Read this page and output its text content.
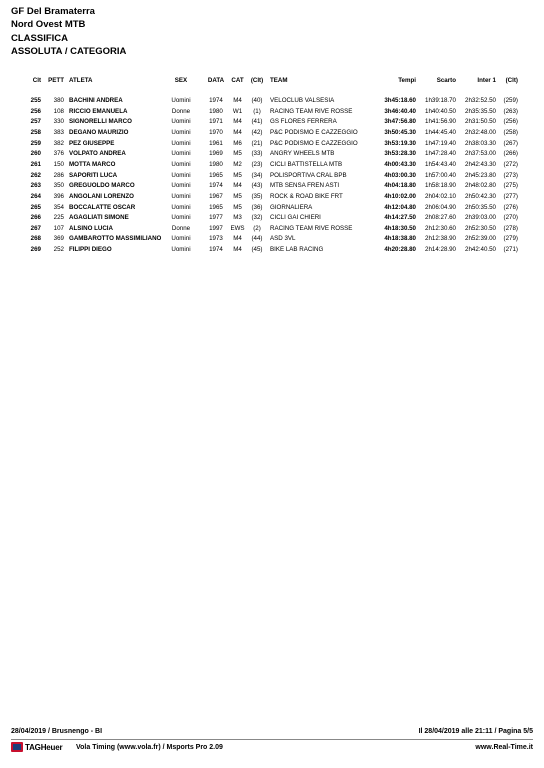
GF Del Bramaterra
Nord Ovest MTB
CLASSIFICA
ASSOLUTA / CATEGORIA
Clt	PETT ATLETA	SEX	DATA	CAT	(Clt) TEAM	Tempi	Scarto	Inter 1	(Clt)
255	380 BACHINI ANDREA	Uomini	1974	M4	(40) VELOCLUB VALSESIA	3h45:18.60	1h39:18.70	2h32:52.50	(259)
256	108 RICCIO EMANUELA	Donne	1980	W1	(1)	RACING TEAM RIVE ROSSE	3h46:40.40	1h40:40.50	2h35:35.50	(263)
257	330 SIGNORELLI MARCO	Uomini	1971	M4	(41) GS FLORES FERRERA	3h47:56.80	1h41:56.90	2h31:50.50	(256)
258	383 DEGANO MAURIZIO	Uomini	1970	M4	(42) P&C PODISMO E CAZZEGGIO	3h50:45.30	1h44:45.40	2h32:48.00	(258)
259	382 PEZ GIUSEPPE	Uomini	1961	M6	(21) P&C PODISMO E CAZZEGGIO	3h53:19.30	1h47:19.40	2h38:03.30	(267)
260	376 VOLPATO ANDREA	Uomini	1969	M5	(33) ANGRY WHEELS MTB	3h53:28.30	1h47:28.40	2h37:53.00	(266)
261	150 MOTTA MARCO	Uomini	1980	M2	(23) CICLI BATTISTELLA MTB	4h00:43.30	1h54:43.40	2h42:43.30	(272)
262	286 SAPORITI LUCA	Uomini	1965	M5	(34) POLISPORTIVA CRAL BPB	4h03:00.30	1h57:00.40	2h45:23.80	(273)
263	350 GREGUOLDO MARCO	Uomini	1974	M4	(43) MTB SENSA FREN ASTI	4h04:18.80	1h58:18.90	2h48:02.80	(275)
264	396 ANGOLANI LORENZO	Uomini	1967	M5	(35) ROCK & ROAD BIKE FRT	4h10:02.00	2h04:02.10	2h50:42.30	(277)
265	354 BOCCALATTE OSCAR	Uomini	1965	M5	(36) GIORNALIERA	4h12:04.80	2h06:04.90	2h50:35.50	(276)
266	225 AGAGLIATI SIMONE	Uomini	1977	M3	(32) CICLI GAI CHIERI	4h14:27.50	2h08:27.60	2h39:03.00	(270)
267	107 ALSINO LUCIA	Donne	1997	EWS	(2)	RACING TEAM RIVE ROSSE	4h18:30.50	2h12:30.60	2h52:30.50	(278)
268	369 GAMBAROTTO MASSIMILIANO	Uomini	1973	M4	(44) ASD 3VL	4h18:38.80	2h12:38.90	2h52:39.00	(279)
269	252 FILIPPI DIEGO	Uomini	1974	M4	(45) BIKE LAB RACING	4h20:28.80	2h14:28.90	2h42:40.50	(271)
28/04/2019 / Brusnengo - BI	Il 28/04/2019 alle 21:11 / Pagina 5/5
TAGHeuer Vola Timing (www.vola.fr) / Msports Pro 2.09	www.Real-Time.it
